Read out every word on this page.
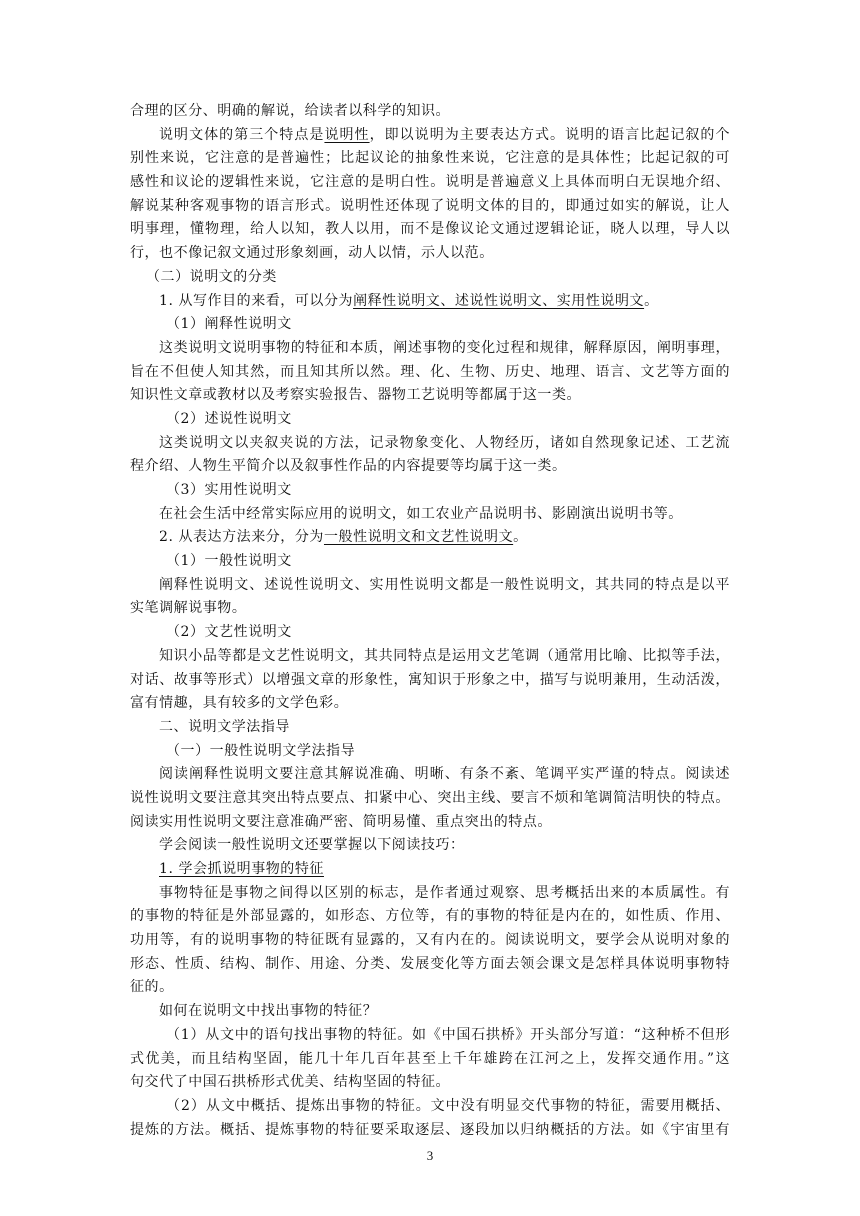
合理的区分、明确的解说，给读者以科学的知识。
说明文体的第三个特点是说明性，即以说明为主要表达方式。说明的语言比起记叙的个
别性来说，它注意的是普遍性；比起议论的抽象性来说，它注意的是具体性；比起记叙的可
感性和议论的逻辑性来说，它注意的是明白性。说明是普遍意义上具体而明白无误地介绍、
解说某种客观事物的语言形式。说明性还体现了说明文体的目的，即通过如实的解说，让人
明事理，懂物理，给人以知，教人以用，而不是像议论文通过逻辑论证，晓人以理，导人以
行，也不像记叙文通过形象刻画，动人以情，示人以范。
（二）说明文的分类
1. 从写作目的来看，可以分为阐释性说明文、述说性说明文、实用性说明文。
（1）阐释性说明文
这类说明文说明事物的特征和本质，阐述事物的变化过程和规律，解释原因，阐明事理，
旨在不但使人知其然，而且知其所以然。理、化、生物、历史、地理、语言、文艺等方面的
知识性文章或教材以及考察实验报告、器物工艺说明等都属于这一类。
（2）述说性说明文
这类说明文以夹叙夹说的方法，记录物象变化、人物经历，诸如自然现象记述、工艺流
程介绍、人物生平简介以及叙事性作品的内容提要等均属于这一类。
（3）实用性说明文
在社会生活中经常实际应用的说明文，如工农业产品说明书、影剧演出说明书等。
2. 从表达方法来分，分为一般性说明文和文艺性说明文。
（1）一般性说明文
阐释性说明文、述说性说明文、实用性说明文都是一般性说明文，其共同的特点是以平
实笔调解说事物。
（2）文艺性说明文
知识小品等都是文艺性说明文，其共同特点是运用文艺笔调（通常用比喻、比拟等手法，
对话、故事等形式）以增强文章的形象性，寓知识于形象之中，描写与说明兼用，生动活泼，
富有情趣，具有较多的文学色彩。
二、说明文学法指导
（一）一般性说明文学法指导
阅读阐释性说明文要注意其解说准确、明晰、有条不紊、笔调平实严谨的特点。阅读述
说性说明文要注意其突出特点要点、扣紧中心、突出主线、要言不烦和笔调简洁明快的特点。
阅读实用性说明文要注意准确严密、简明易懂、重点突出的特点。
学会阅读一般性说明文还要掌握以下阅读技巧：
1. 学会抓说明事物的特征
事物特征是事物之间得以区别的标志，是作者通过观察、思考概括出来的本质属性。有
的事物的特征是外部显露的，如形态、方位等，有的事物的特征是内在的，如性质、作用、
功用等，有的说明事物的特征既有显露的，又有内在的。阅读说明文，要学会从说明对象的
形态、性质、结构、制作、用途、分类、发展变化等方面去领会课文是怎样具体说明事物特
征的。
如何在说明文中找出事物的特征？
（1）从文中的语句找出事物的特征。如《中国石拱桥》开头部分写道：“这种桥不但形
式优美，而且结构坚固，能几十年几百年甚至上千年雄跨在江河之上，发挥交通作用。”这
句交代了中国石拱桥形式优美、结构坚固的特征。
（2）从文中概括、提炼出事物的特征。文中没有明显交代事物的特征，需要用概括、
提炼的方法。概括、提炼事物的特征要采取逐层、逐段加以归纳概括的方法。如《宇宙里有
3
